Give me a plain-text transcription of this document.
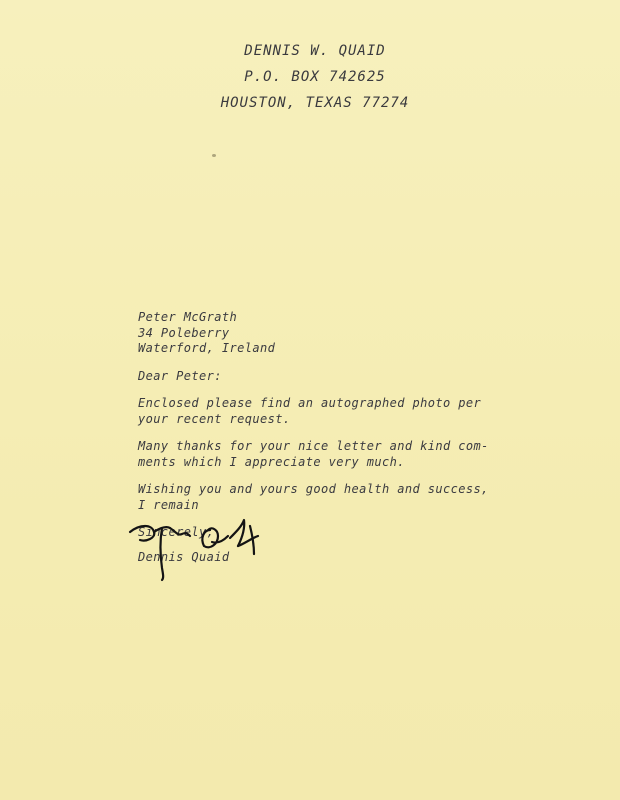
DENNIS W. QUAID
P.O. BOX 742625
HOUSTON, TEXAS 77274
Peter McGrath
34 Poleberry
Waterford, Ireland
Dear Peter:
Enclosed please find an autographed photo per
your recent request.
Many thanks for your nice letter and kind com-
ments which I appreciate very much.
Wishing you and yours good health and success,
I remain
Sincerely,
Dennis Quaid
